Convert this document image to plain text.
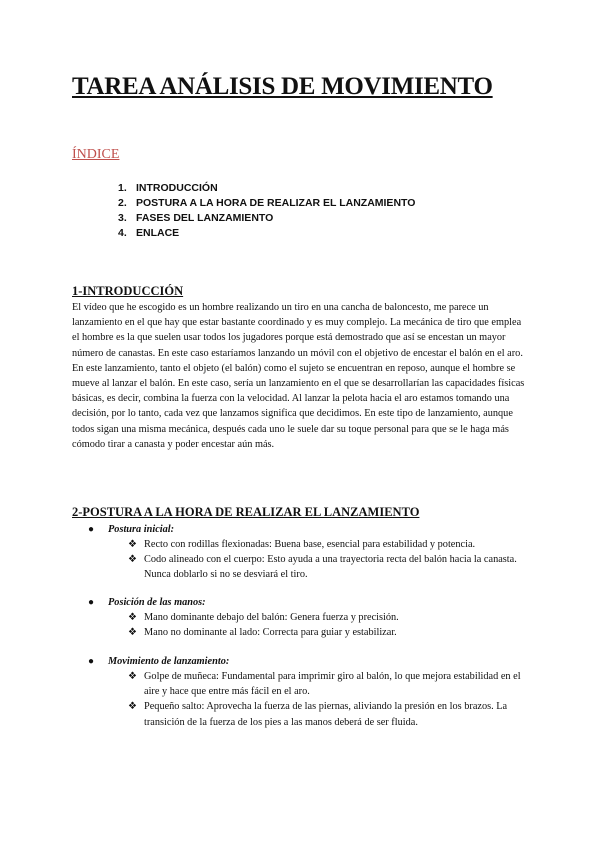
TAREA ANÁLISIS DE MOVIMIENTO
ÍNDICE
1. INTRODUCCIÓN
2. POSTURA A LA HORA DE REALIZAR EL LANZAMIENTO
3. FASES DEL LANZAMIENTO
4. ENLACE
1-INTRODUCCIÓN

El vídeo que he escogido es un hombre realizando un tiro en una cancha de baloncesto, me parece un lanzamiento en el que hay que estar bastante coordinado y es muy complejo. La mecánica de tiro que emplea el hombre es la que suelen usar todos los jugadores porque está demostrado que así se encestan un mayor número de canastas. En este caso estaríamos lanzando un móvil con el objetivo de encestar el balón en el aro. En este lanzamiento, tanto el objeto (el balón) como el sujeto se encuentran en reposo, aunque el hombre se mueve al lanzar el balón. En este caso, sería un lanzamiento en el que se desarrollarían las capacidades físicas básicas, es decir, combina la fuerza con la velocidad. Al lanzar la pelota hacia el aro estamos tomando una decisión, por lo tanto, cada vez que lanzamos significa que decidimos. En este tipo de lanzamiento, aunque todos sigan una misma mecánica, después cada uno le suele dar su toque personal para que se le haga más cómodo tirar a canasta y poder encestar aún más.

2-POSTURA A LA HORA DE REALIZAR EL LANZAMIENTO
● Postura inicial:
❖ Recto con rodillas flexionadas: Buena base, esencial para estabilidad y potencia.
❖ Codo alineado con el cuerpo: Esto ayuda a una trayectoria recta del balón hacia la canasta. Nunca doblarlo si no se desviará el tiro.
● Posición de las manos:
❖ Mano dominante debajo del balón: Genera fuerza y precisión.
❖ Mano no dominante al lado: Correcta para guiar y estabilizar.
● Movimiento de lanzamiento:
❖ Golpe de muñeca: Fundamental para imprimir giro al balón, lo que mejora estabilidad en el aire y hace que entre más fácil en el aro.
❖ Pequeño salto: Aprovecha la fuerza de las piernas, aliviando la presión en los brazos. La transición de la fuerza de los pies a las manos deberá de ser fluida.
